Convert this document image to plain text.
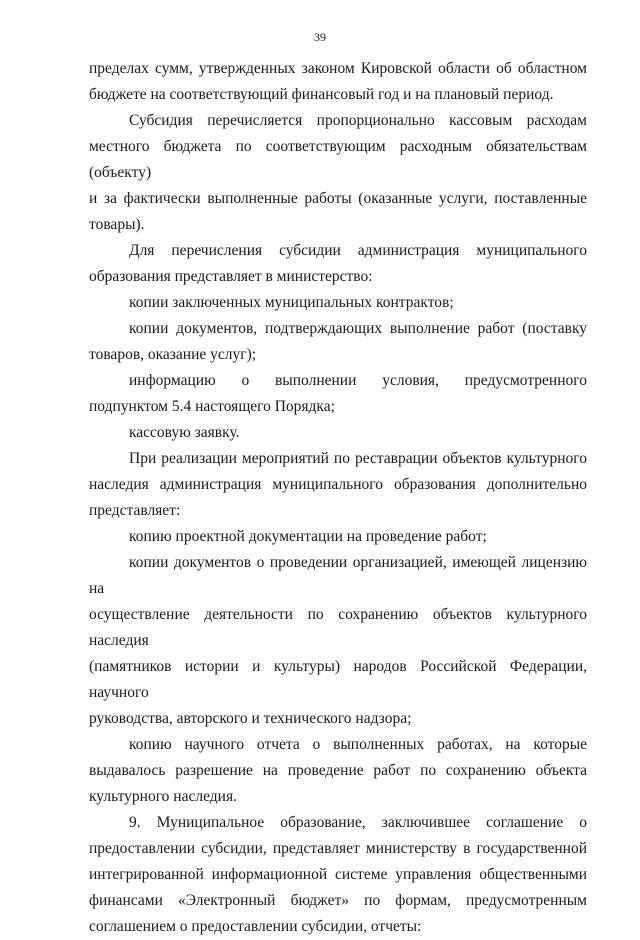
39
пределах сумм, утвержденных законом Кировской области об областном
бюджете на соответствующий финансовый год и на плановый период.
Субсидия перечисляется пропорционально кассовым расходам
местного бюджета по соответствующим расходным обязательствам (объекту)
и за фактически выполненные работы (оказанные услуги, поставленные
товары).
Для перечисления субсидии администрация муниципального
образования представляет в министерство:
копии заключенных муниципальных контрактов;
копии документов, подтверждающих выполнение работ (поставку
товаров, оказание услуг);
информацию о выполнении условия, предусмотренного
подпунктом 5.4 настоящего Порядка;
кассовую заявку.
При реализации мероприятий по реставрации объектов культурного
наследия администрация муниципального образования дополнительно
представляет:
копию проектной документации на проведение работ;
копии документов о проведении организацией, имеющей лицензию на
осуществление деятельности по сохранению объектов культурного наследия
(памятников истории и культуры) народов Российской Федерации, научного
руководства, авторского и технического надзора;
копию научного отчета о выполненных работах, на которые
выдавалось разрешение на проведение работ по сохранению объекта
культурного наследия.
9. Муниципальное образование, заключившее соглашение о
предоставлении субсидии, представляет министерству в государственной
интегрированной информационной системе управления общественными
финансами «Электронный бюджет» по формам, предусмотренным
соглашением о предоставлении субсидии, отчеты:
